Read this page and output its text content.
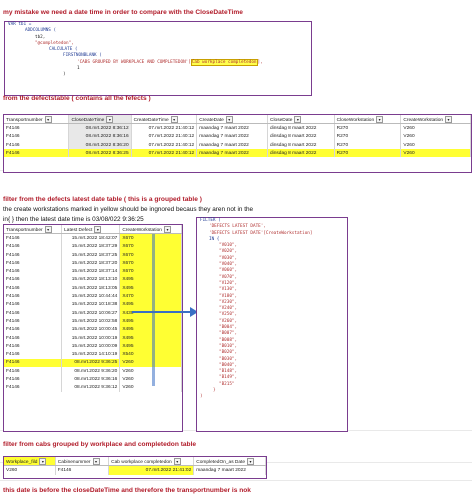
my mistake we need a date time in order to compare with the CloseDateTime
VAR tb1 =
ADDCOLUMNS (
tb2,
"@completedon",
CALCULATE (
FIRSTNONBLANK (
'CABS GROUPED BY WORKPLACE AND COMPLETEDON'[Cab workplace completedon],
1
)
from the defectstable ( contains all the fefects )
Transportnumber ▾	CloseDateTime ▾	CreateDateTime ▾	CreateDate ▾	CloseDate ▾	CloseWorkstation ▾	CreateWorkstation ▾
F4146	08.mrt.2022 8:36:12	07.mrt.2022 21:40:12	maandag 7 maart 2022	dinsdag 8 maart 2022	R270	V260
F4146	08.mrt.2022 8:36:16	07.mrt.2022 21:40:12	maandag 7 maart 2022	dinsdag 8 maart 2022	R270	V260
F4146	08.mrt.2022 8:36:20	07.mrt.2022 21:40:12	maandag 7 maart 2022	dinsdag 8 maart 2022	R270	V260
F4146	08.mrt.2022 8:36:25	07.mrt.2022 21:40:12	maandag 7 maart 2022	dinsdag 8 maart 2022	R270	V260
filter from the defects latest date table ( this is a grouped table )
the create workstations marked in yellow should be ingnored becaus they aren not in the
in{ } then the latest date time is 03/08/022 9:36:25
Transportnumber ▾	Latest Defect ▾	CreateWorkstation ▾
F4146	15.mrt.2022 18:42:07	X670
F4146	15.mrt.2022 18:37:29	X670
F4146	15.mrt.2022 18:37:25	X670
F4146	15.mrt.2022 18:37:20	X670
F4146	15.mrt.2022 18:37:14	X670
F4146	15.mrt.2022 18:13:10	X495
F4146	15.mrt.2022 18:13:05	X495
F4146	15.mrt.2022 10:44:44	X470
F4146	15.mrt.2022 10:18:38	X495
F4146	15.mrt.2022 10:06:27	X430
F4146	15.mrt.2022 10:02:58	X495
F4146	15.mrt.2022 10:00:45	X495
F4146	15.mrt.2022 10:00:19	X495
F4146	15.mrt.2022 10:00:09	X495
F4146	15.mrt.2022 14:10:19	X540
F4146	08.mrt.2022 9:36:25	V260
F4146	08.mrt.2022 9:36:20	V260
F4146	08.mrt.2022 9:36:16	V260
F4146	08.mrt.2022 9:36:12	V260
FILTER (
'DEFECTS LATEST DATE',
'DEFECTS LATEST DATE'[CreateWorkstation]
IN {
"V010",
"V020",
"V030",
"V040",
"V060",
"V070",
"V120",
"V130",
"V180",
"V230",
"V240",
"V250",
"V260",
"B004",
"B007",
"B008",
"B010",
"B020",
"B030",
"B040",
"B148",
"B149",
"B215"
}
)
filter from cabs grouped by workplace and completedon table
Workplace_fild ▾	Cabinenummer ▾	Cab workplace completedon ▾	CompletedOn_as Date ▾
V260	F4146	07.mrt.2022 21:41:02	maandag 7 maart 2022
this date is before the closeDateTime and therefore the transportnumber is nok
